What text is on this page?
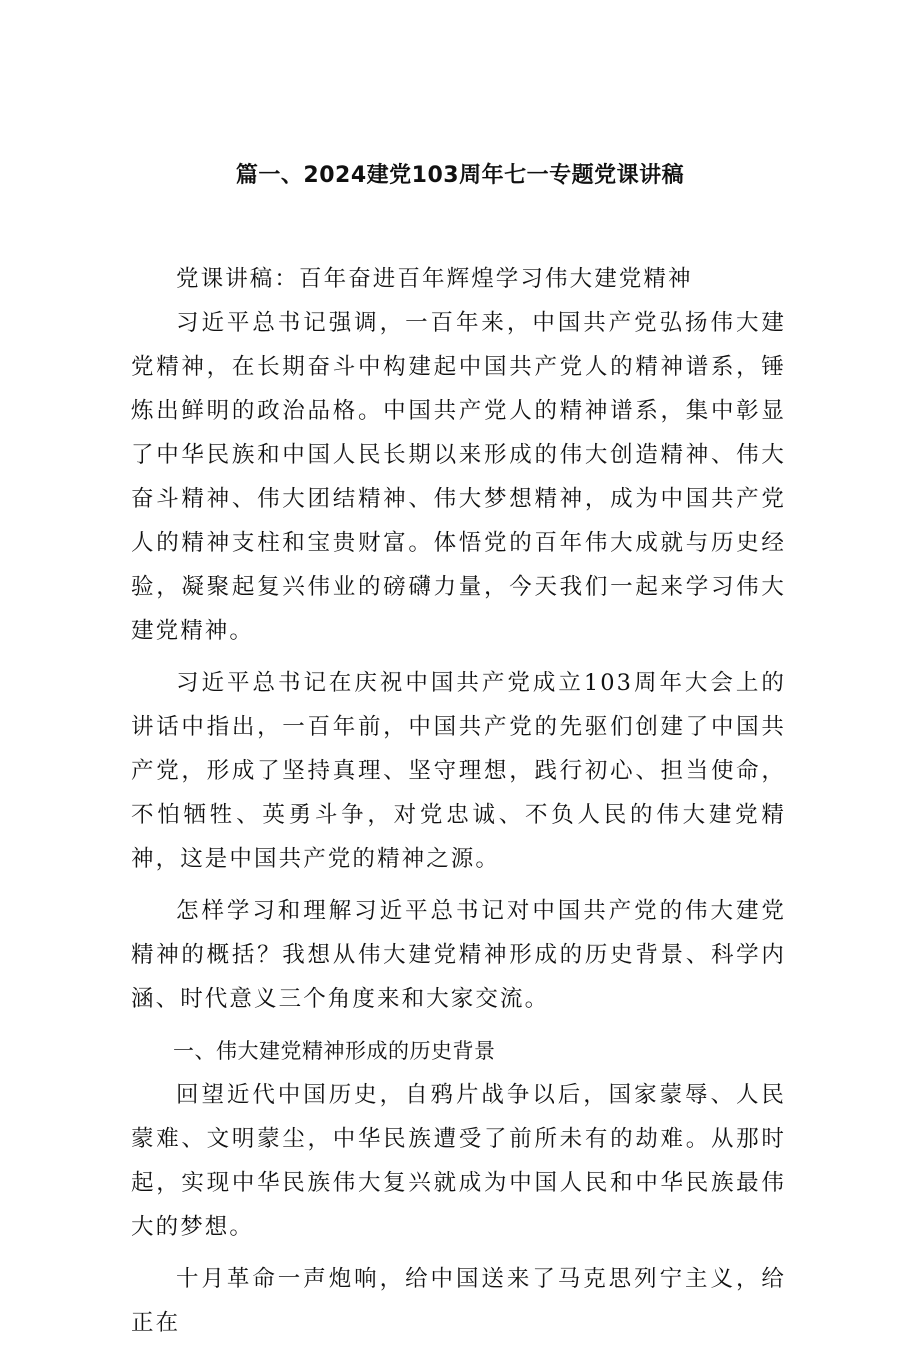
篇一、2024建党103周年七一专题党课讲稿

党课讲稿：百年奋进百年辉煌学习伟大建党精神

习近平总书记强调，一百年来，中国共产党弘扬伟大建党精神，在长期奋斗中构建起中国共产党人的精神谱系，锤炼出鲜明的政治品格。中国共产党人的精神谱系，集中彰显了中华民族和中国人民长期以来形成的伟大创造精神、伟大奋斗精神、伟大团结精神、伟大梦想精神，成为中国共产党人的精神支柱和宝贵财富。体悟党的百年伟大成就与历史经验，凝聚起复兴伟业的磅礴力量，今天我们一起来学习伟大建党精神。

习近平总书记在庆祝中国共产党成立103周年大会上的讲话中指出，一百年前，中国共产党的先驱们创建了中国共产党，形成了坚持真理、坚守理想，践行初心、担当使命，不怕牺牲、英勇斗争，对党忠诚、不负人民的伟大建党精神，这是中国共产党的精神之源。

怎样学习和理解习近平总书记对中国共产党的伟大建党精神的概括？我想从伟大建党精神形成的历史背景、科学内涵、时代意义三个角度来和大家交流。

一、伟大建党精神形成的历史背景

回望近代中国历史，自鸦片战争以后，国家蒙辱、人民蒙难、文明蒙尘，中华民族遭受了前所未有的劫难。从那时起，实现中华民族伟大复兴就成为中国人民和中华民族最伟大的梦想。

十月革命一声炮响，给中国送来了马克思列宁主义，给正在
